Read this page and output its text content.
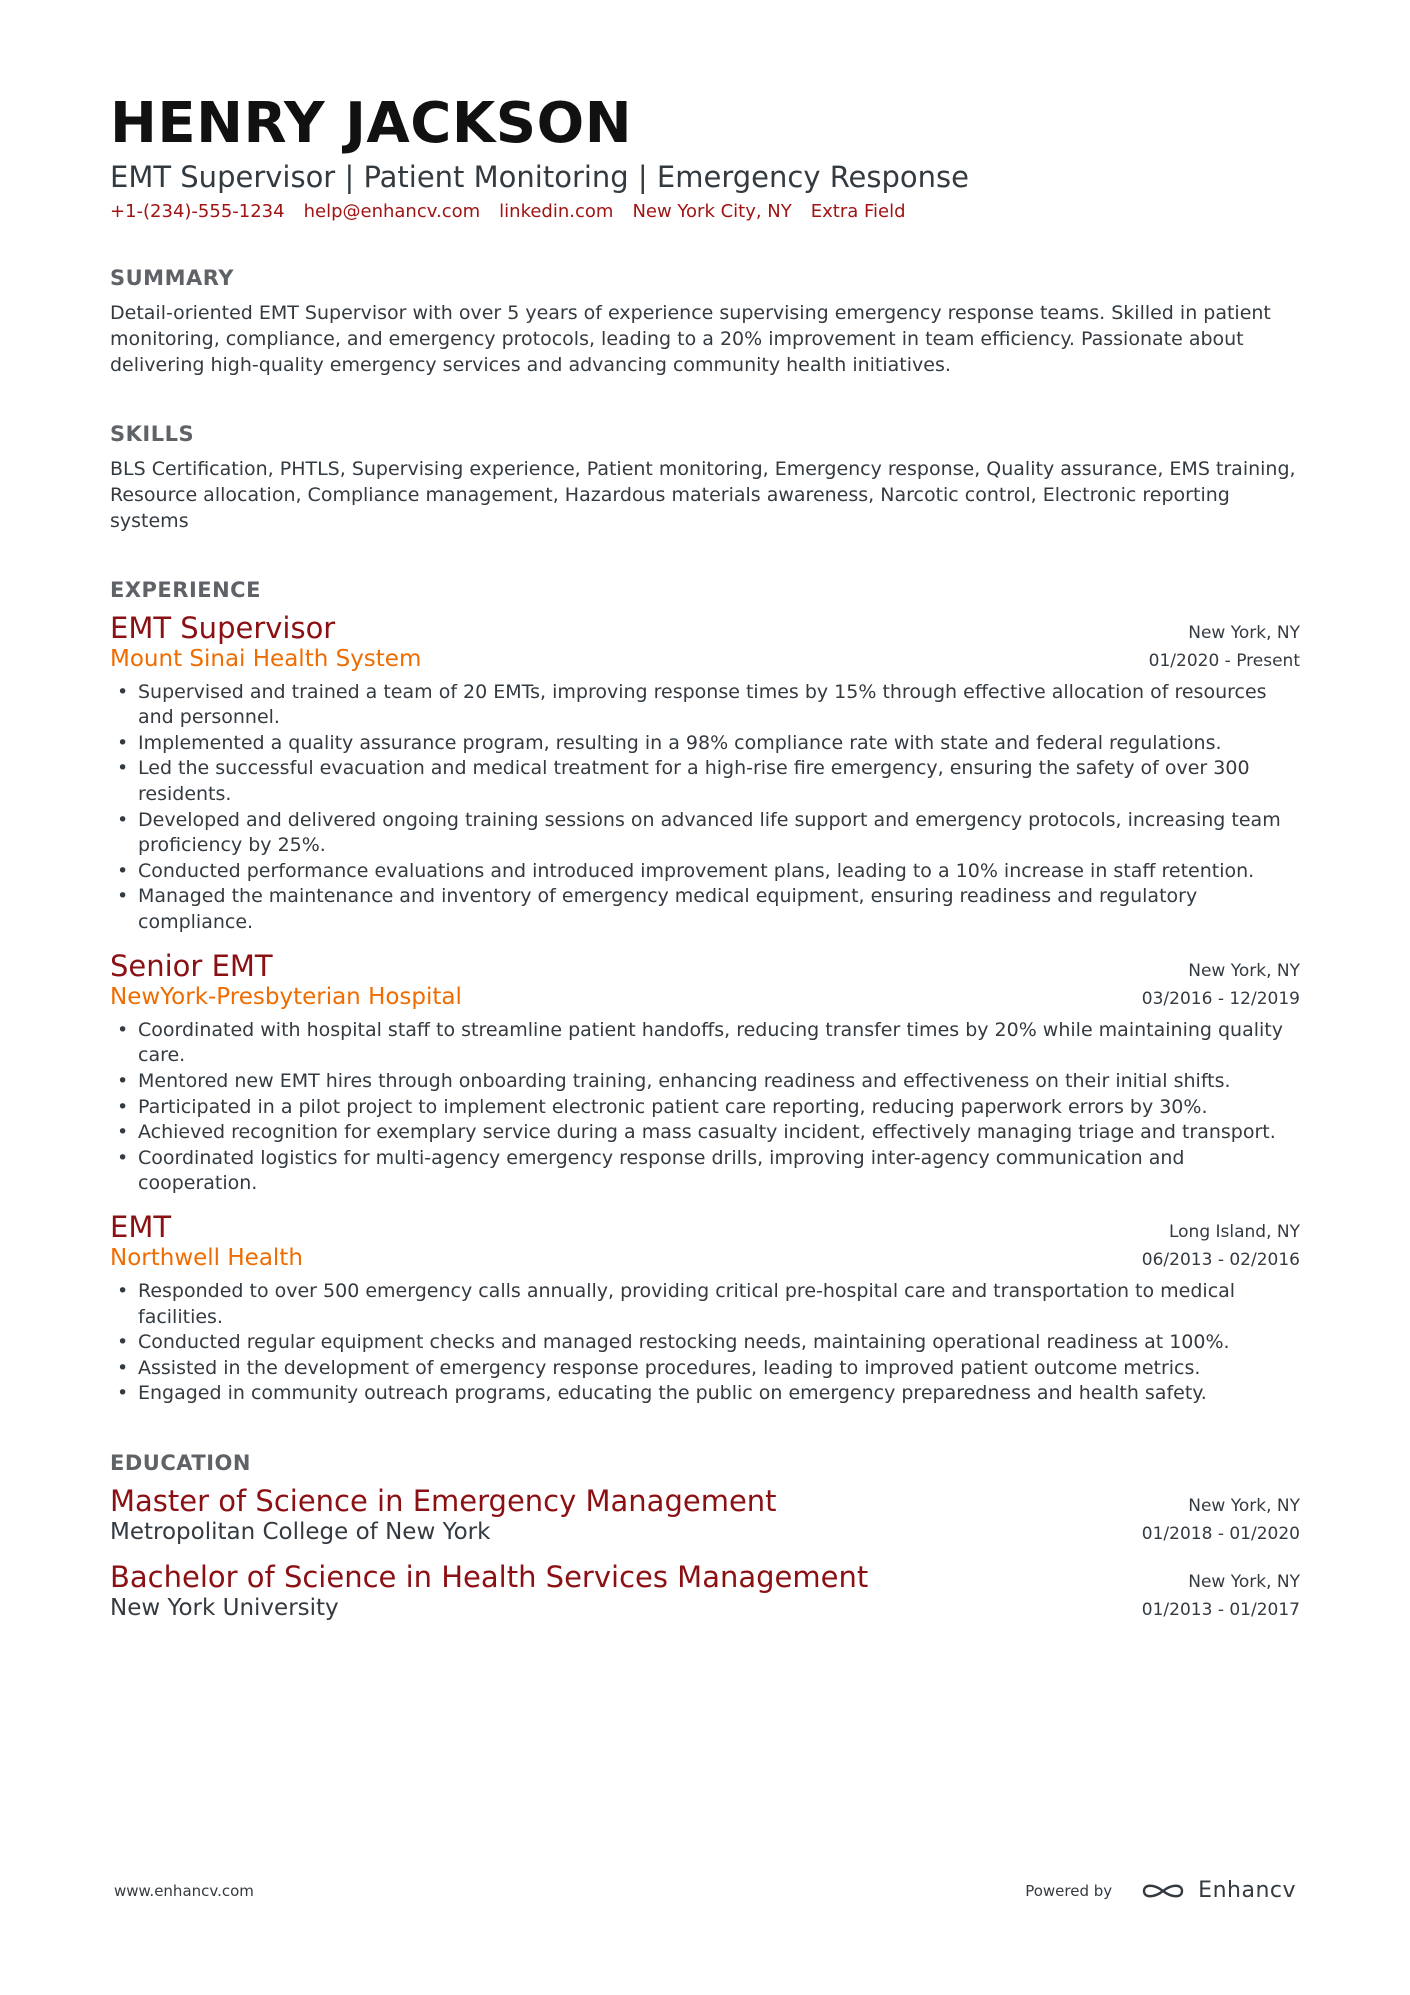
HENRY JACKSON
EMT Supervisor | Patient Monitoring | Emergency Response
+1-(234)-555-1234 help@enhancv.com linkedin.com New York City, NY Extra Field
SUMMARY

Detail-oriented EMT Supervisor with over 5 years of experience supervising emergency response teams. Skilled in patient monitoring, compliance, and emergency protocols, leading to a 20% improvement in team efficiency. Passionate about delivering high-quality emergency services and advancing community health initiatives.

SKILLS

BLS Certification, PHTLS, Supervising experience, Patient monitoring, Emergency response, Quality assurance, EMS training, Resource allocation, Compliance management, Hazardous materials awareness, Narcotic control, Electronic reporting systems

EXPERIENCE
EMT Supervisor	New York, NY
Mount Sinai Health System	01/2020 - Present
• Supervised and trained a team of 20 EMTs, improving response times by 15% through effective allocation of resources and personnel.
• Implemented a quality assurance program, resulting in a 98% compliance rate with state and federal regulations.
• Led the successful evacuation and medical treatment for a high-rise fire emergency, ensuring the safety of over 300 residents.
• Developed and delivered ongoing training sessions on advanced life support and emergency protocols, increasing team proficiency by 25%.
• Conducted performance evaluations and introduced improvement plans, leading to a 10% increase in staff retention.
• Managed the maintenance and inventory of emergency medical equipment, ensuring readiness and regulatory compliance.
Senior EMT	New York, NY
NewYork-Presbyterian Hospital	03/2016 - 12/2019
• Coordinated with hospital staff to streamline patient handoffs, reducing transfer times by 20% while maintaining quality care.
• Mentored new EMT hires through onboarding training, enhancing readiness and effectiveness on their initial shifts.
• Participated in a pilot project to implement electronic patient care reporting, reducing paperwork errors by 30%.
• Achieved recognition for exemplary service during a mass casualty incident, effectively managing triage and transport.
• Coordinated logistics for multi-agency emergency response drills, improving inter-agency communication and cooperation.
EMT	Long Island, NY
Northwell Health	06/2013 - 02/2016
• Responded to over 500 emergency calls annually, providing critical pre-hospital care and transportation to medical facilities.
• Conducted regular equipment checks and managed restocking needs, maintaining operational readiness at 100%.
• Assisted in the development of emergency response procedures, leading to improved patient outcome metrics.
• Engaged in community outreach programs, educating the public on emergency preparedness and health safety.
EDUCATION
Master of Science in Emergency Management	New York, NY
Metropolitan College of New York	01/2018 - 01/2020
Bachelor of Science in Health Services Management	New York, NY
New York University	01/2013 - 01/2017
www.enhancv.com	Powered by	Enhancv
